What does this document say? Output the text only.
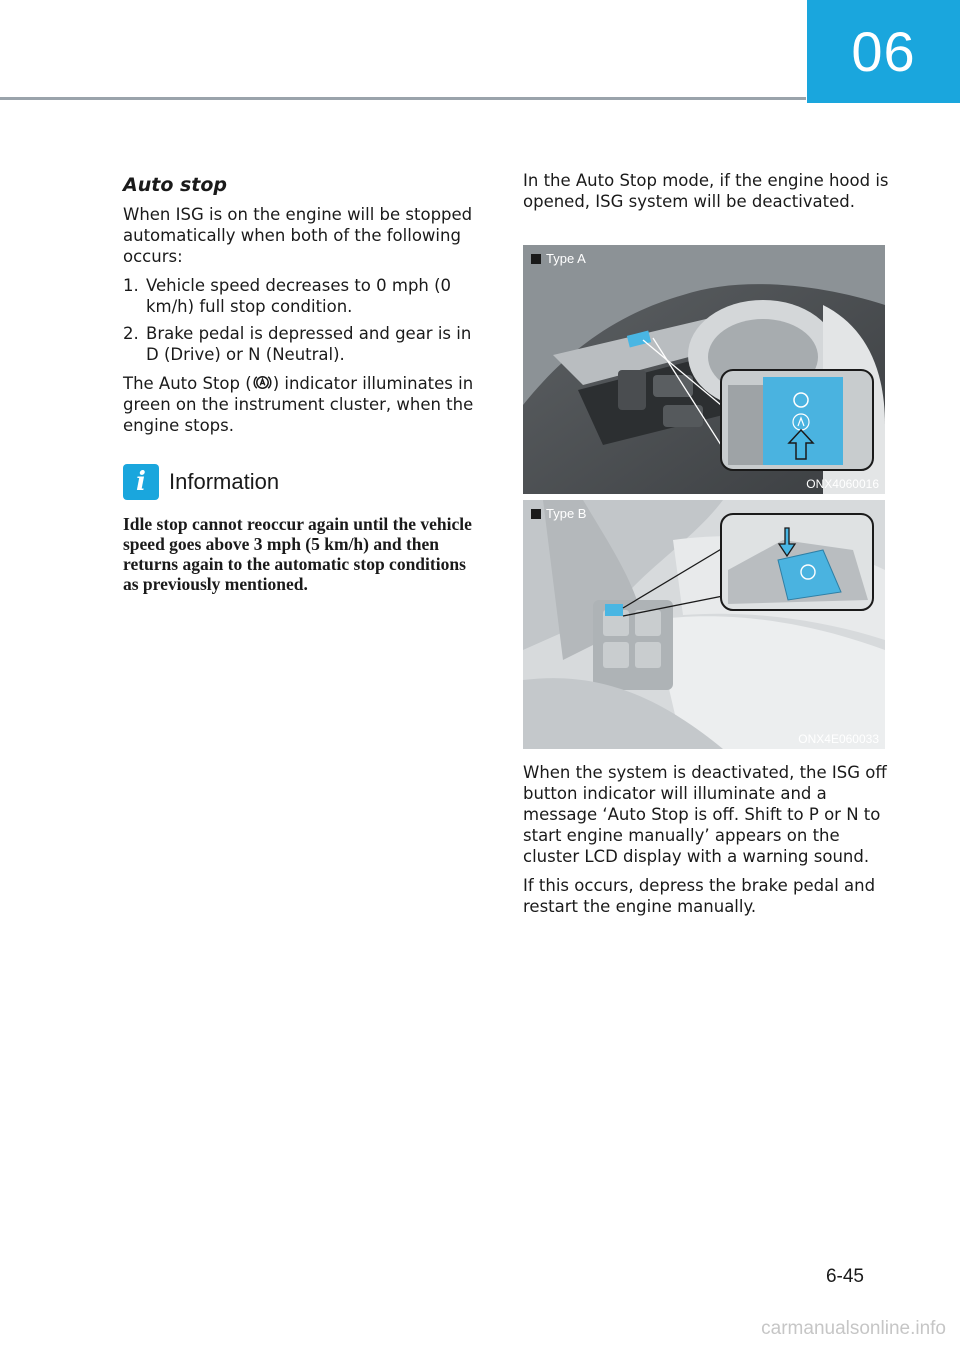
06
Auto stop

When ISG is on the engine will be stopped automatically when both of the following occurs:

1. Vehicle speed decreases to 0 mph (0 km/h) full stop condition.
2. Brake pedal is depressed and gear is in D (Drive) or N (Neutral).

The Auto Stop ( ) indicator illuminates in green on the instrument cluster, when the engine stops.

i	Information
Idle stop cannot reoccur again until the vehicle speed goes above 3 mph (5 km/h) and then returns again to the automatic stop conditions as previously mentioned.

In the Auto Stop mode, if the engine hood is opened, ISG system will be deactivated.

Type A
ONX4060016
Type B
ONX4E060033

When the system is deactivated, the ISG off button indicator will illuminate and a message ‘Auto Stop is off. Shift to P or N to start engine manually’ appears on the cluster LCD display with a warning sound.

If this occurs, depress the brake pedal and restart the engine manually.

6-45
carmanualsonline.info
